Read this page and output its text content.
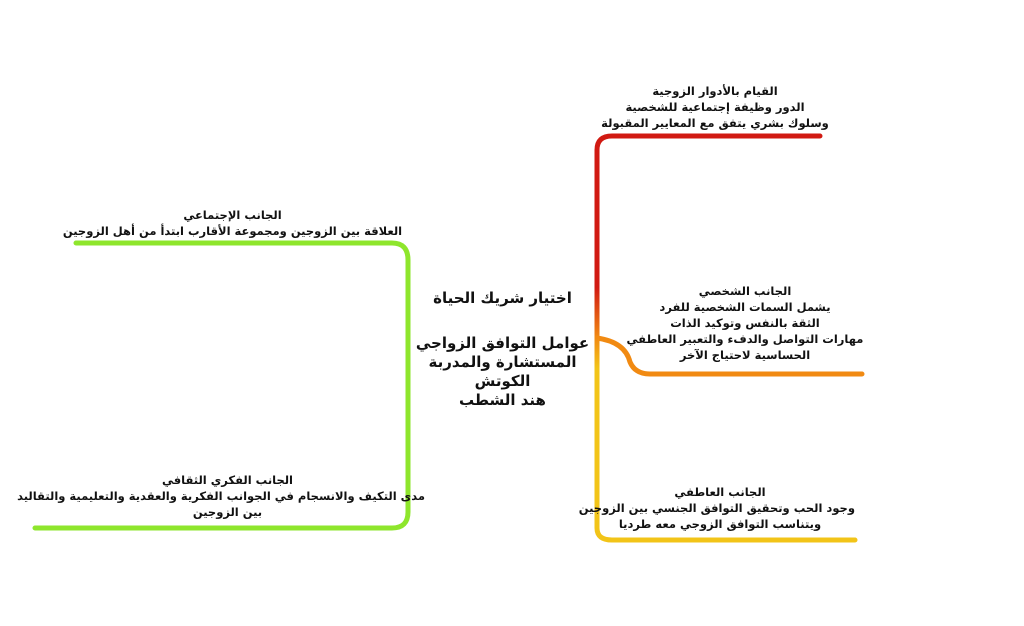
اختيار شريك الحياة
عوامل التوافق الزواجي
المستشارة والمدربة الكوتش
هند الشطب
القيام بالأدوار الزوجية
الدور وظيفة إجتماعية للشخصية
وسلوك بشري يتفق مع المعايير المقبولة
الجانب الشخصي
يشمل السمات الشخصية للفرد
الثقة بالنفس وتوكيد الذات
مهارات التواصل والدفء والتعبير العاطفي
الحساسية لاحتياج الآخر
الجانب العاطفي
وجود الحب وتحقيق التوافق الجنسي بين الزوجين
ويتناسب التوافق الزوجي معه طرديا
الجانب الإجتماعي
العلاقة بين الزوجين ومجموعة الأقارب ابتدأ من أهل الزوجين
الجانب الفكري الثقافي
مدى التكيف والانسجام في الجوانب الفكرية والعقدية والتعليمية والتقاليد
بين الزوجين
